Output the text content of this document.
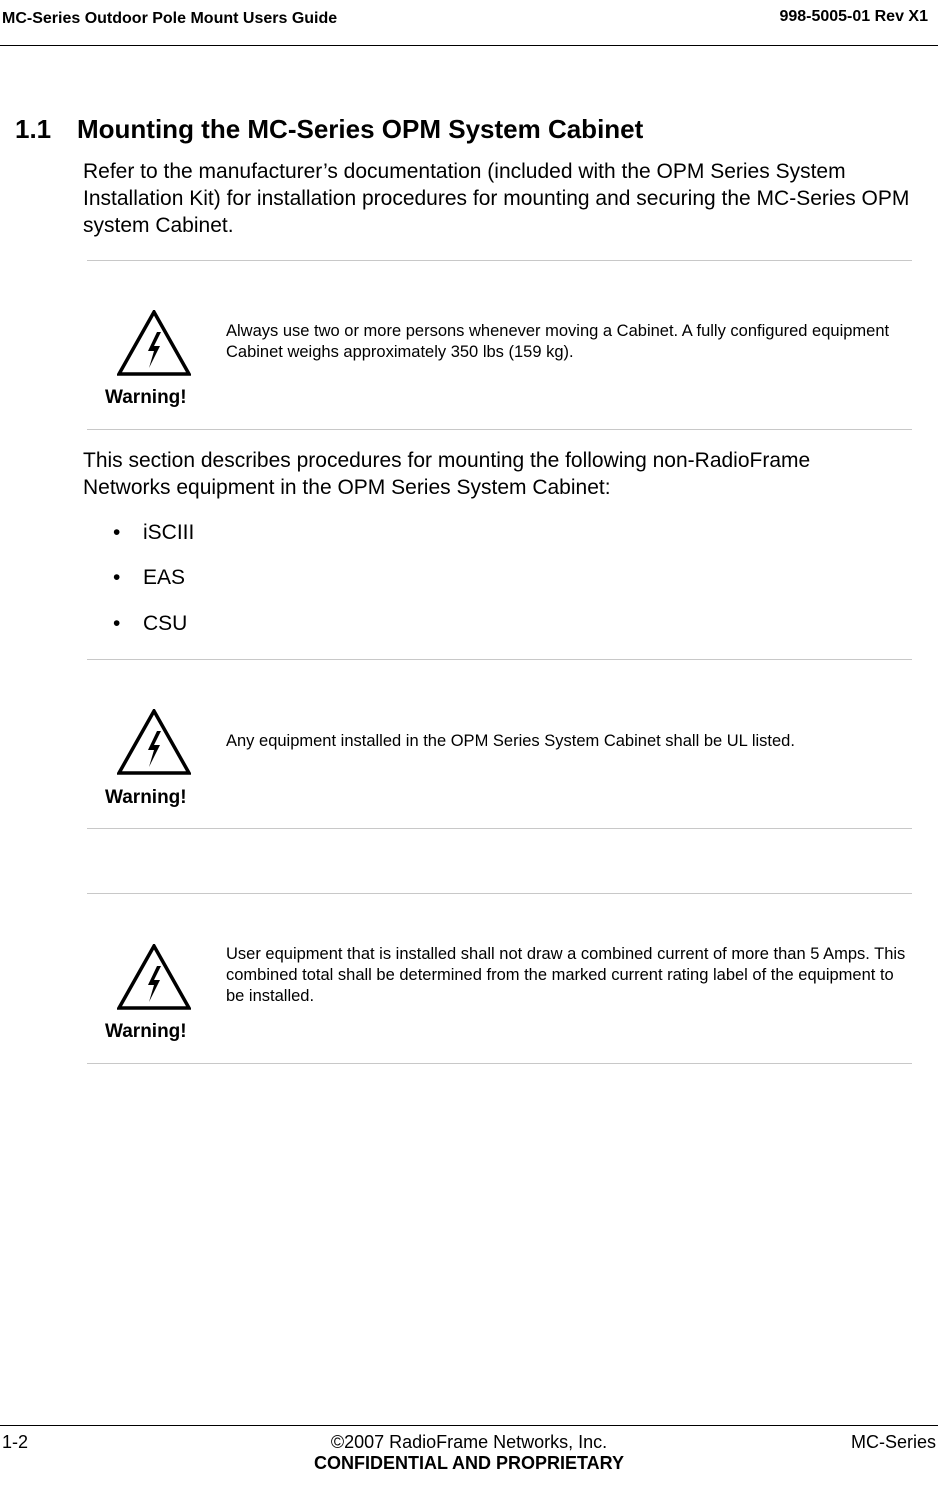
MC-Series Outdoor Pole Mount Users Guide	998-5005-01 Rev X1
1.1 Mounting the MC-Series OPM System Cabinet
Refer to the manufacturer’s documentation (included with the OPM Series System Installation Kit) for installation procedures for mounting and securing the MC-Series OPM system Cabinet.
Warning!
Always use two or more persons whenever moving a Cabinet. A fully configured equipment Cabinet weighs approximately 350 lbs (159 kg).
This section describes procedures for mounting the following non-RadioFrame Networks equipment in the OPM Series System Cabinet:
• iSCIII
• EAS
• CSU
Warning!
Any equipment installed in the OPM Series System Cabinet shall be UL listed.
Warning!
User equipment that is installed shall not draw a combined current of more than 5 Amps. This combined total shall be determined from the marked current rating label of the equipment to be installed.
1-2	©2007 RadioFrame Networks, Inc.
CONFIDENTIAL AND PROPRIETARY
MC-Series
